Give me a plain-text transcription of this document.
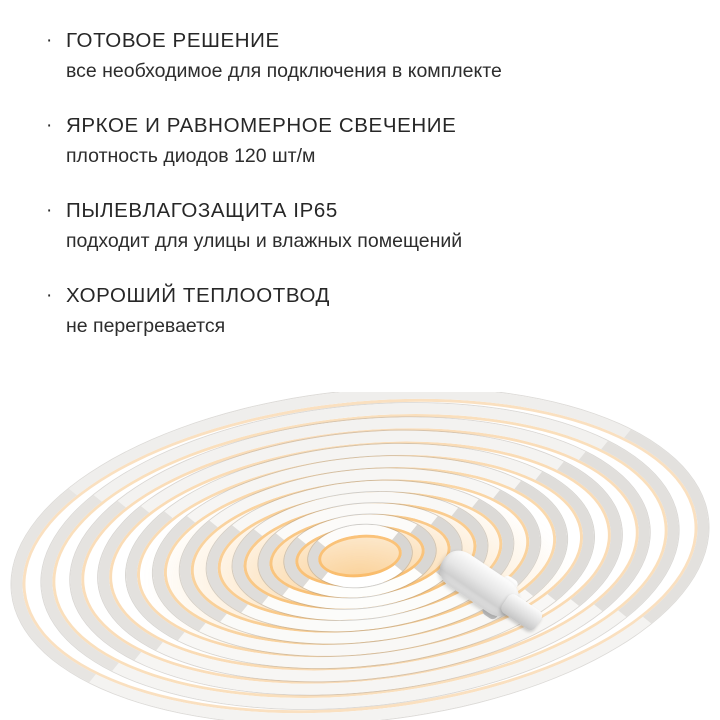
· ГОТОВОЕ РЕШЕНИЕ
все необходимое для подключения в комплекте
· ЯРКОЕ И РАВНОМЕРНОЕ СВЕЧЕНИЕ
плотность диодов 120 шт/м
· ПЫЛЕВЛАГОЗАЩИТА IP65
подходит для улицы и влажных помещений
· ХОРОШИЙ ТЕПЛООТВОД
не перегревается
